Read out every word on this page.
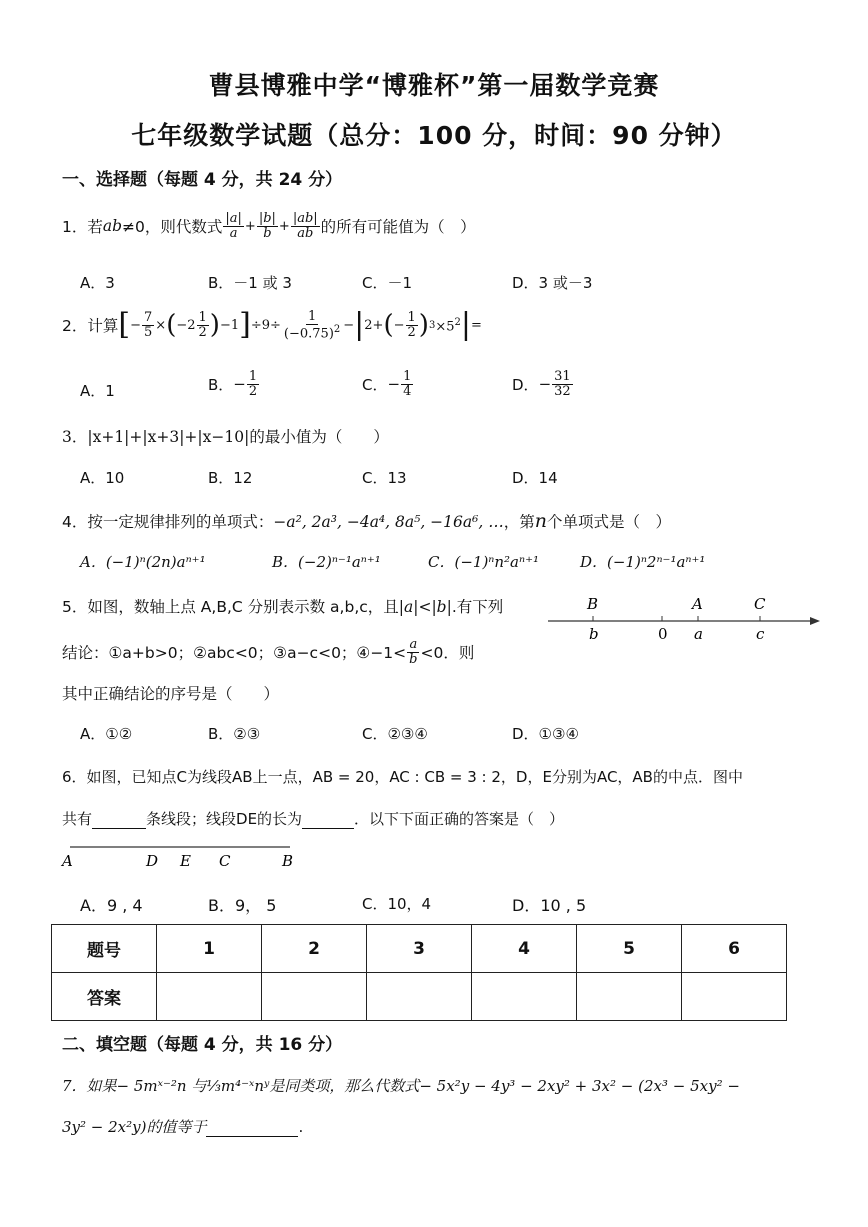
曹县博雅中学“博雅杯”第一届数学竞赛
七年级数学试题（总分：100 分，时间：90 分钟）
一、选择题（每题 4 分，共 24 分）
1．若 ab ≠0，则代数式 $\frac{|a|}{a} + \frac{|b|}{b} + \frac{|ab|}{ab}$ 的所有可能值为（　）
A．3	B．－1 或 3	C．－1	D．3 或－3
2．计算 [ − $\frac{7}{5}$ × ( $-2 \frac{1}{2}$ ) −1 ] $\div 9\div \frac{1}{(-0.75)^2}$ − | 2+ ( − $\frac{1}{2}$ ) $3 \times 5^2$ | =
A．1	B． − $\frac{1}{2}$	C． − $\frac{1}{4}$	D． − $\frac{31}{32}$
3．|x+1|+|x+3|+|x−10|的最小值为（　　）
A．10	B．12	C．13	D．14
4．按一定规律排列的单项式：−a², 2a³, −4a⁴, 8a⁵, −16a⁶, …，第n个单项式是（　）
A．(−1)ⁿ(2n)aⁿ⁺¹	B．(−2)ⁿ⁻¹aⁿ⁺¹	C．(−1)ⁿn²aⁿ⁺¹	D．(−1)ⁿ2ⁿ⁻¹aⁿ⁺¹
5．如图，数轴上点 A,B,C 分别表示数 a,b,c，且|a|<|b|.有下列
结论：①a+b>0；②abc<0；③a−c<0；④−1< $\frac{a}{b} <0$．则
其中正确结论的序号是（　　）
B	A	C
b	0 a	c
A．①②	B．②③	C．②③④	D．①③④
6．如图，已知点C为线段AB上一点，AB = 20，AC : CB = 3 : 2，D，E分别为AC，AB的中点．图中
共有	条线段；线段DE的长为	．以下下面正确的答案是（　）
A	D E C	B
A．9 , 4	B．9， 5	C．10，4	D．10 , 5
题号	1	2	3	4	5	6
答案						
二、填空题（每题 4 分，共 16 分）
7．如果− 5mˣ⁻²n 与⅓m⁴⁻ˣnʸ是同类项，那么代数式− 5x²y − 4y³ − 2xy² + 3x² − (2x³ − 5xy² −
3y² − 2x²y)的值等于	.
